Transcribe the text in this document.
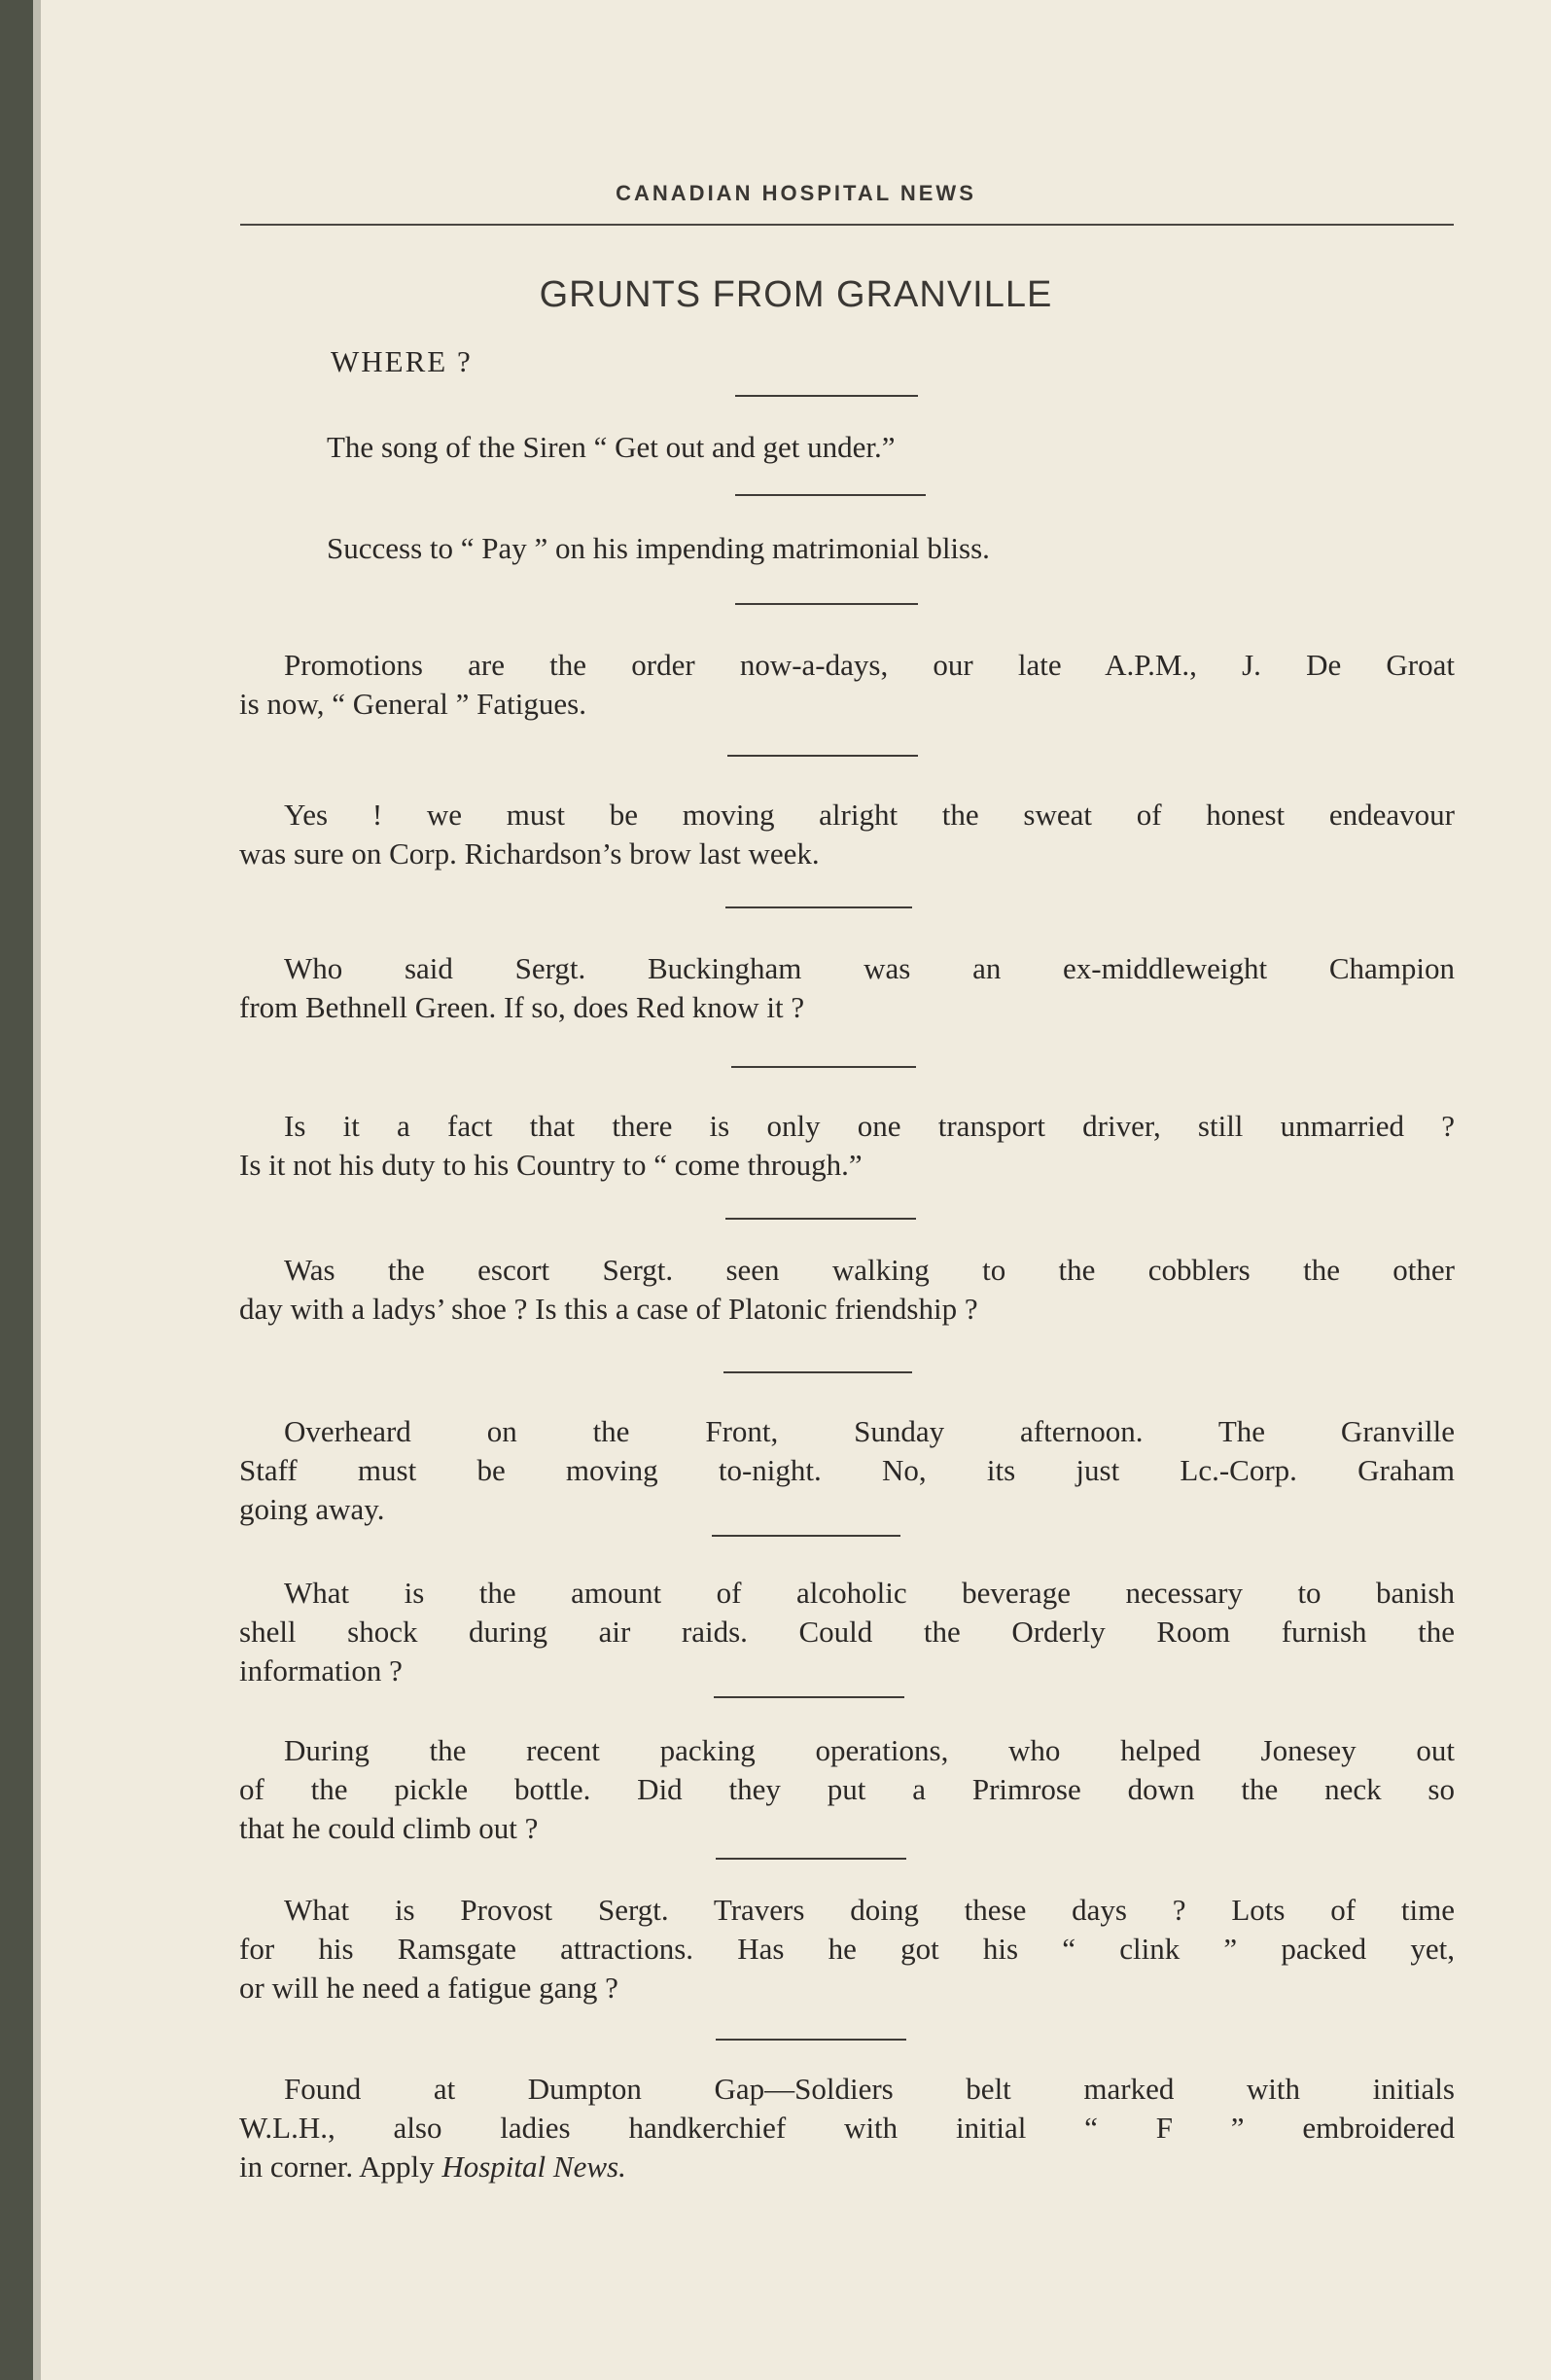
CANADIAN HOSPITAL NEWS
GRUNTS FROM GRANVILLE
WHERE ?
The song of the Siren “ Get out and get under.”
Success to “ Pay ” on his impending matrimonial bliss.
Promotions are the order now-a-days, our late A.P.M., J. De Groat
is now, “ General ” Fatigues.
Yes ! we must be moving alright the sweat of honest endeavour
was sure on Corp. Richardson’s brow last week.
Who said Sergt. Buckingham was an ex-middleweight Champion
from Bethnell Green. If so, does Red know it ?
Is it a fact that there is only one transport driver, still unmarried ?
Is it not his duty to his Country to “ come through.”
Was the escort Sergt. seen walking to the cobblers the other
day with a ladys’ shoe ? Is this a case of Platonic friendship ?
Overheard on the Front, Sunday afternoon. The Granville
Staff must be moving to-night. No, its just Lc.-Corp. Graham
going away.
What is the amount of alcoholic beverage necessary to banish
shell shock during air raids. Could the Orderly Room furnish the
information ?
During the recent packing operations, who helped Jonesey out
of the pickle bottle. Did they put a Primrose down the neck so
that he could climb out ?
What is Provost Sergt. Travers doing these days ? Lots of time
for his Ramsgate attractions. Has he got his “ clink ” packed yet,
or will he need a fatigue gang ?
Found at Dumpton Gap—Soldiers belt marked with initials
W.L.H., also ladies handkerchief with initial “ F ” embroidered
in corner. Apply Hospital News.
